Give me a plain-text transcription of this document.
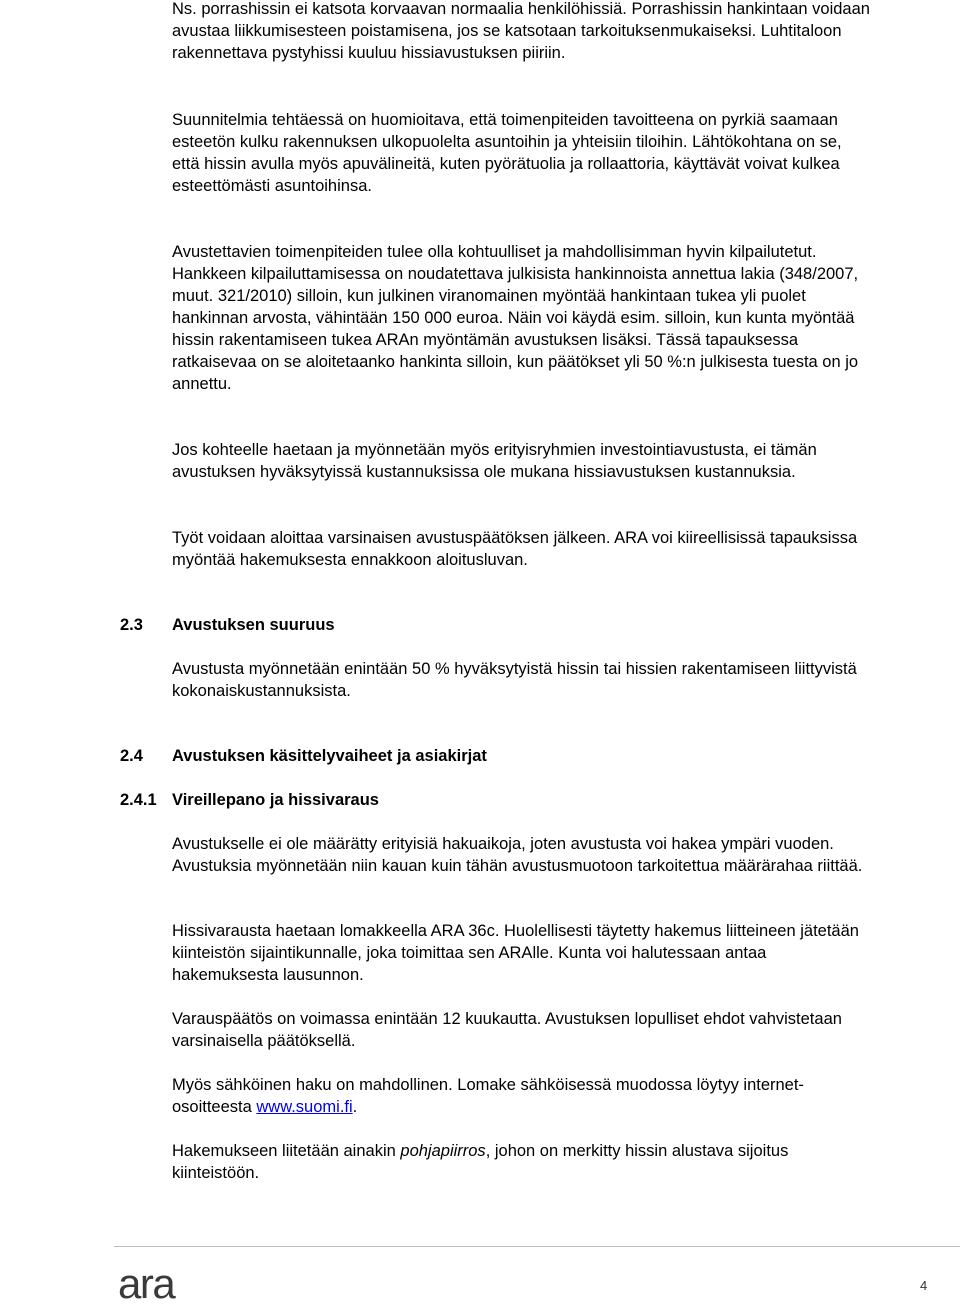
Ns. porrashissin ei katsota korvaavan normaalia henkilöhissiä. Porrashissin hankintaan voidaan avustaa liikkumisesteen poistamisena, jos se katsotaan tarkoituksenmukaiseksi. Luhtitaloon rakennettava pystyhissi kuuluu hissiavustuksen piiriin.

Suunnitelmia tehtäessä on huomioitava, että toimenpiteiden tavoitteena on pyrkiä saamaan esteetön kulku rakennuksen ulkopuolelta asuntoihin ja yhteisiin tiloihin. Lähtökohtana on se, että hissin avulla myös apuvälineitä, kuten pyörätuolia ja rollaattoria, käyttävät voivat kulkea esteettömästi asuntoihinsa.

Avustettavien toimenpiteiden tulee olla kohtuulliset ja mahdollisimman hyvin kilpailutetut. Hankkeen kilpailuttamisessa on noudatettava julkisista hankinnoista annettua lakia (348/2007, muut. 321/2010) silloin, kun julkinen viranomainen myöntää hankintaan tukea yli puolet hankinnan arvosta, vähintään 150 000 euroa. Näin voi käydä esim. silloin, kun kunta myöntää hissin rakentamiseen tukea ARAn myöntämän avustuksen lisäksi. Tässä tapauksessa ratkaisevaa on se aloitetaanko hankinta silloin, kun päätökset yli 50 %:n julkisesta tuesta on jo annettu.

Jos kohteelle haetaan ja myönnetään myös erityisryhmien investointiavustusta, ei tämän avustuksen hyväksytyissä kustannuksissa ole mukana hissiavustuksen kustannuksia.

Työt voidaan aloittaa varsinaisen avustuspäätöksen jälkeen. ARA voi kiireellisissä tapauksissa myöntää hakemuksesta ennakkoon aloitusluvan.

2.3 Avustuksen suuruus

Avustusta myönnetään enintään 50 % hyväksytyistä hissin tai hissien rakentamiseen liittyvistä kokonaiskustannuksista.

2.4 Avustuksen käsittelyvaiheet ja asiakirjat
2.4.1 Vireillepano ja hissivaraus

Avustukselle ei ole määrätty erityisiä hakuaikoja, joten avustusta voi hakea ympäri vuoden. Avustuksia myönnetään niin kauan kuin tähän avustusmuotoon tarkoitettua määrärahaa riittää.

Hissivarausta haetaan lomakkeella ARA 36c. Huolellisesti täytetty hakemus liitteineen jätetään kiinteistön sijaintikunnalle, joka toimittaa sen ARAlle. Kunta voi halutessaan antaa hakemuksesta lausunnon.

Varauspäätös on voimassa enintään 12 kuukautta. Avustuksen lopulliset ehdot vahvistetaan varsinaisella päätöksellä.

Myös sähköinen haku on mahdollinen. Lomake sähköisessä muodossa löytyy internet-osoitteesta www.suomi.fi.

Hakemukseen liitetään ainakin pohjapiirros, johon on merkitty hissin alustava sijoitus kiinteistöön.

ara	4
